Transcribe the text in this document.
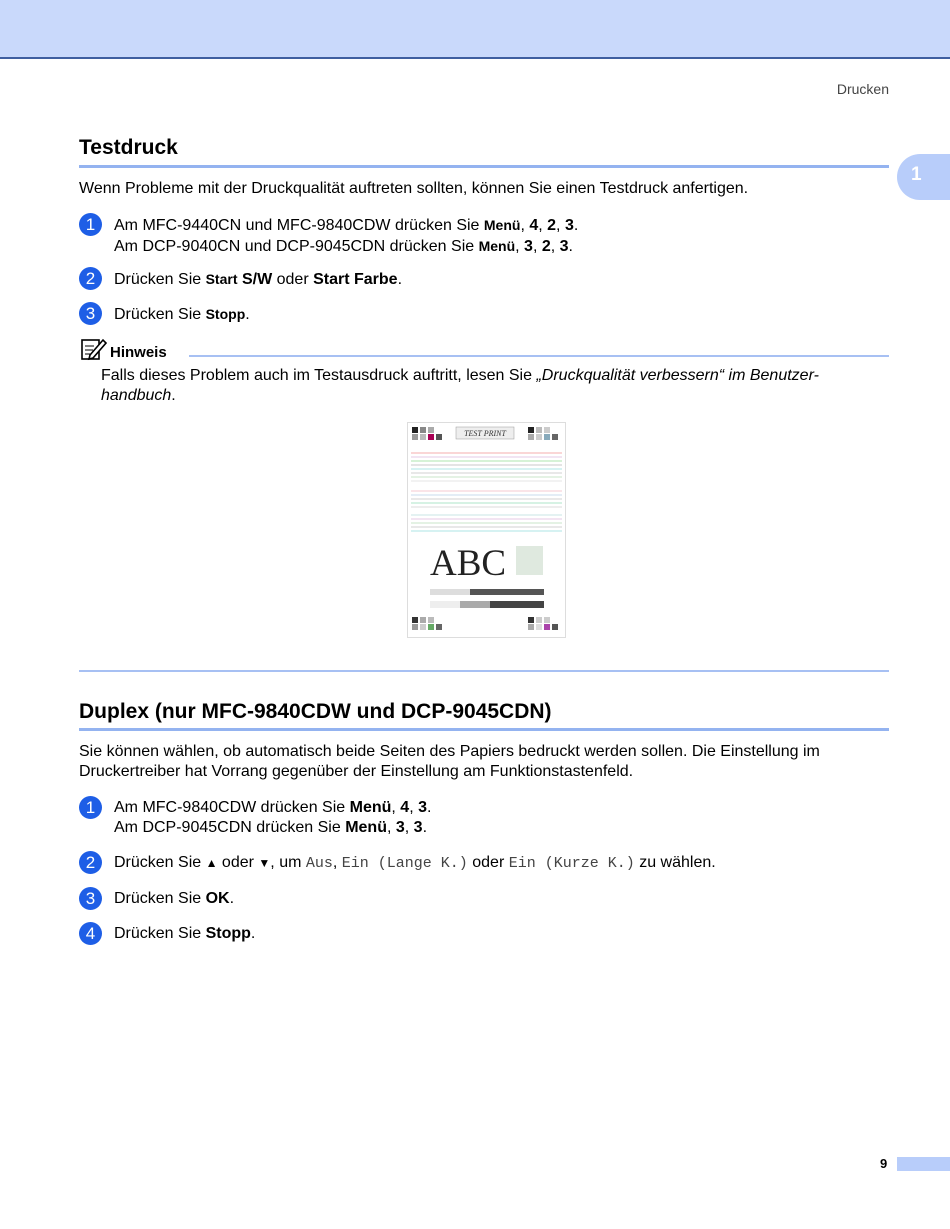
Drucken
1
Testdruck
Wenn Probleme mit der Druckqualität auftreten sollten, können Sie einen Testdruck anfertigen.
1	Am MFC-9440CN und MFC-9840CDW drücken Sie Menü, 4, 2, 3.
Am DCP-9040CN und DCP-9045CDN drücken Sie Menü, 3, 2, 3.
2	Drücken Sie Start S/W oder Start Farbe.
3	Drücken Sie Stopp.
Hinweis
Falls dieses Problem auch im Testausdruck auftritt, lesen Sie „Druckqualität verbessern“ im Benutzer-handbuch.
TEST PRINT
ABC
Duplex (nur MFC-9840CDW und DCP-9045CDN)
Sie können wählen, ob automatisch beide Seiten des Papiers bedruckt werden sollen. Die Einstellung im Druckertreiber hat Vorrang gegenüber der Einstellung am Funktionstastenfeld.
1	Am MFC-9840CDW drücken Sie Menü, 4, 3.
Am DCP-9045CDN drücken Sie Menü, 3, 3.
2	Drücken Sie ▲ oder ▼, um Aus, Ein (Lange K.) oder Ein (Kurze K.) zu wählen.
3	Drücken Sie OK.
4	Drücken Sie Stopp.
9
